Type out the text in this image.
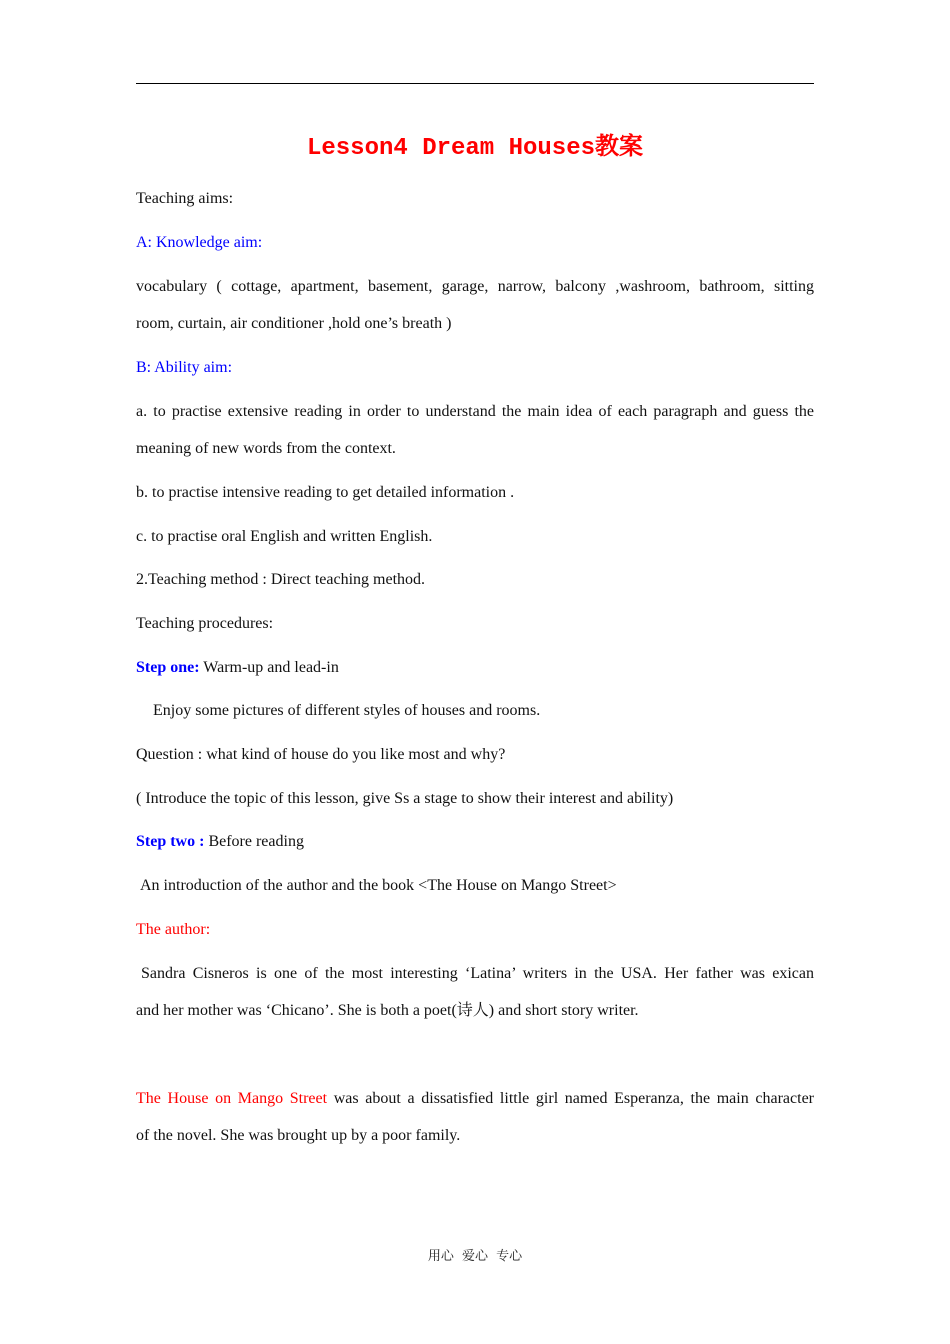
Lesson4 Dream Houses教案
Teaching aims:
A: Knowledge aim:
vocabulary ( cottage, apartment, basement, garage, narrow, balcony ,washroom, bathroom, sitting
room, curtain, air conditioner ,hold one’s breath )
B: Ability aim:
a. to practise extensive reading in order to understand the main idea of each paragraph and guess the
meaning of new words from the context.
b. to practise intensive reading to get detailed information .
c. to practise oral English and written English.
2.Teaching method : Direct teaching method.
Teaching procedures:
Step one: Warm-up and lead-in
Enjoy some pictures of different styles of houses and rooms.
Question : what kind of house do you like most and why?
( Introduce the topic of this lesson, give Ss a stage to show their interest and ability)
Step two : Before reading
An introduction of the author and the book <The House on Mango Street>
The author:
Sandra Cisneros is one of the most interesting ‘Latina’ writers in the USA. Her father was exican
and her mother was ‘Chicano’. She is both a poet(诗人) and short story writer.
The House on Mango Street was about a dissatisfied little girl named Esperanza, the main character
of the novel. She was brought up by a poor family.
用心 爱心 专心
